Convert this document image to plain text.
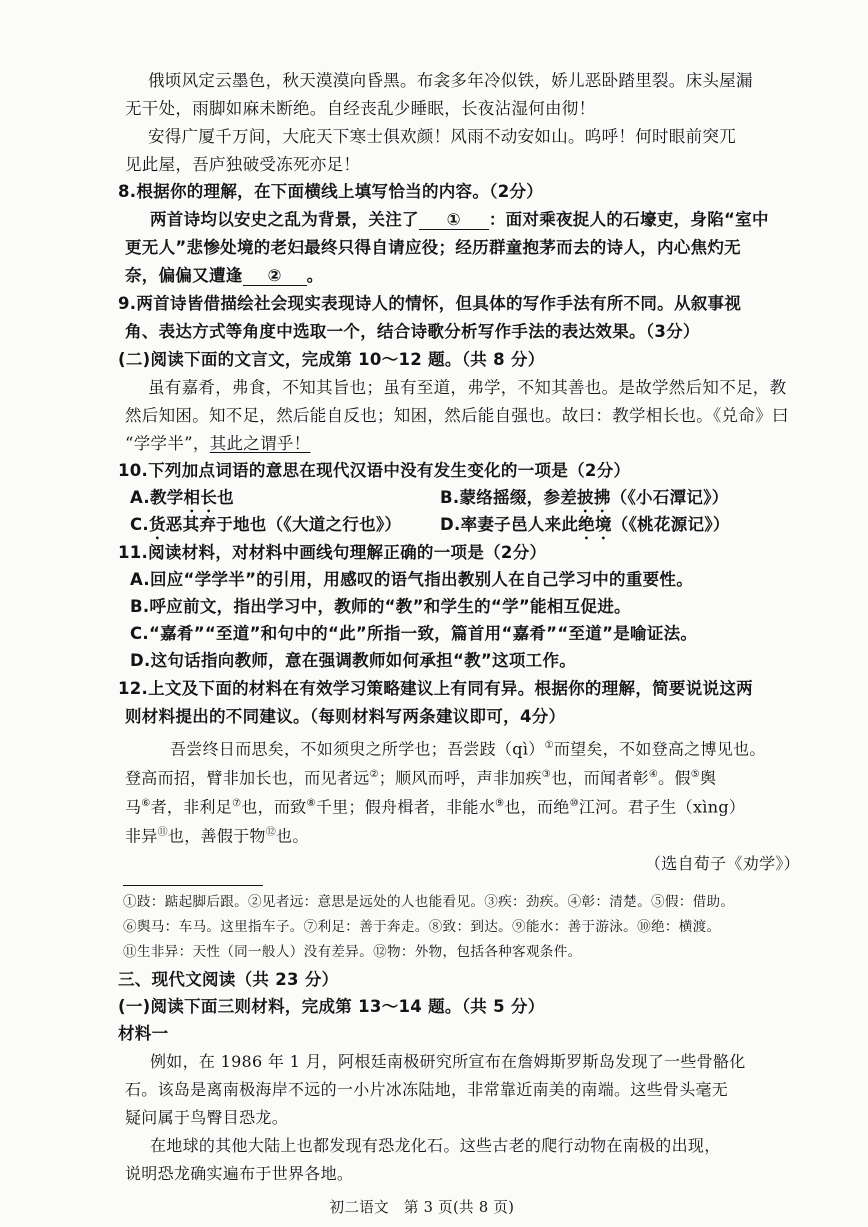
俄顷风定云墨色，秋天漠漠向昏黑。布衾多年冷似铁，娇儿恶卧踏里裂。床头屋漏
无干处，雨脚如麻未断绝。自经丧乱少睡眠，长夜沾湿何由彻！
安得广厦千万间，大庇天下寒士俱欢颜！风雨不动安如山。呜呼！何时眼前突兀
见此屋，吾庐独破受冻死亦足！
8.根据你的理解，在下面横线上填写恰当的内容。（2分）
两首诗均以安史之乱为背景，关注了 ① ：面对乘夜捉人的石壕吏，身陷“室中
更无人”悲惨处境的老妇最终只得自请应役；经历群童抱茅而去的诗人，内心焦灼无
奈，偏偏又遭逢 ② 。
9.两首诗皆借描绘社会现实表现诗人的情怀，但具体的写作手法有所不同。从叙事视
角、表达方式等角度中选取一个，结合诗歌分析写作手法的表达效果。（3分）
(二)阅读下面的文言文，完成第 10～12 题。（共 8 分）
虽有嘉肴，弗食，不知其旨也；虽有至道，弗学，不知其善也。是故学然后知不足，教
然后知困。知不足，然后能自反也；知困，然后能自强也。故曰：教学相长也。《兑命》曰
“学学半”，其此之谓乎！
10.下列加点词语的意思在现代汉语中没有发生变化的一项是（2分）
A.教学相长也	B.蒙络摇缀，参差披拂（《小石潭记》）
C.货恶其弃于地也（《大道之行也》） D.率妻子邑人来此绝境（《桃花源记》）
11.阅读材料，对材料中画线句理解正确的一项是（2分）
A.回应“学学半”的引用，用感叹的语气指出教别人在自己学习中的重要性。
B.呼应前文，指出学习中，教师的“教”和学生的“学”能相互促进。
C.“嘉肴”“至道”和句中的“此”所指一致，篇首用“嘉肴”“至道”是喻证法。
D.这句话指向教师，意在强调教师如何承担“教”这项工作。
12.上文及下面的材料在有效学习策略建议上有同有异。根据你的理解，简要说说这两
则材料提出的不同建议。（每则材料写两条建议即可，4分）
吾尝终日而思矣，不如须臾之所学也；吾尝跂（qì）①而望矣，不如登高之博见也。
登高而招，臂非加长也，而见者远②；顺风而呼，声非加疾③也，而闻者彰④。假⑤舆
马⑥者，非利足⑦也，而致⑧千里；假舟楫者，非能水⑨也，而绝⑩江河。君子生（xìng）
非异⑪也，善假于物⑫也。
（选自荀子《劝学》）
①跂：踮起脚后跟。②见者远：意思是远处的人也能看见。③疾：劲疾。④彰：清楚。⑤假：借助。
⑥舆马：车马。这里指车子。⑦利足：善于奔走。⑧致：到达。⑨能水：善于游泳。⑩绝：横渡。
⑪生非异：天性（同一般人）没有差异。⑫物：外物，包括各种客观条件。
三、现代文阅读（共 23 分）
(一)阅读下面三则材料，完成第 13～14 题。（共 5 分）
材料一
例如，在 1986 年 1 月，阿根廷南极研究所宣布在詹姆斯罗斯岛发现了一些骨骼化
石。该岛是离南极海岸不远的一小片冰冻陆地，非常靠近南美的南端。这些骨头毫无
疑问属于鸟臀目恐龙。
在地球的其他大陆上也都发现有恐龙化石。这些古老的爬行动物在南极的出现，
说明恐龙确实遍布于世界各地。
初二语文　第 3 页(共 8 页)
